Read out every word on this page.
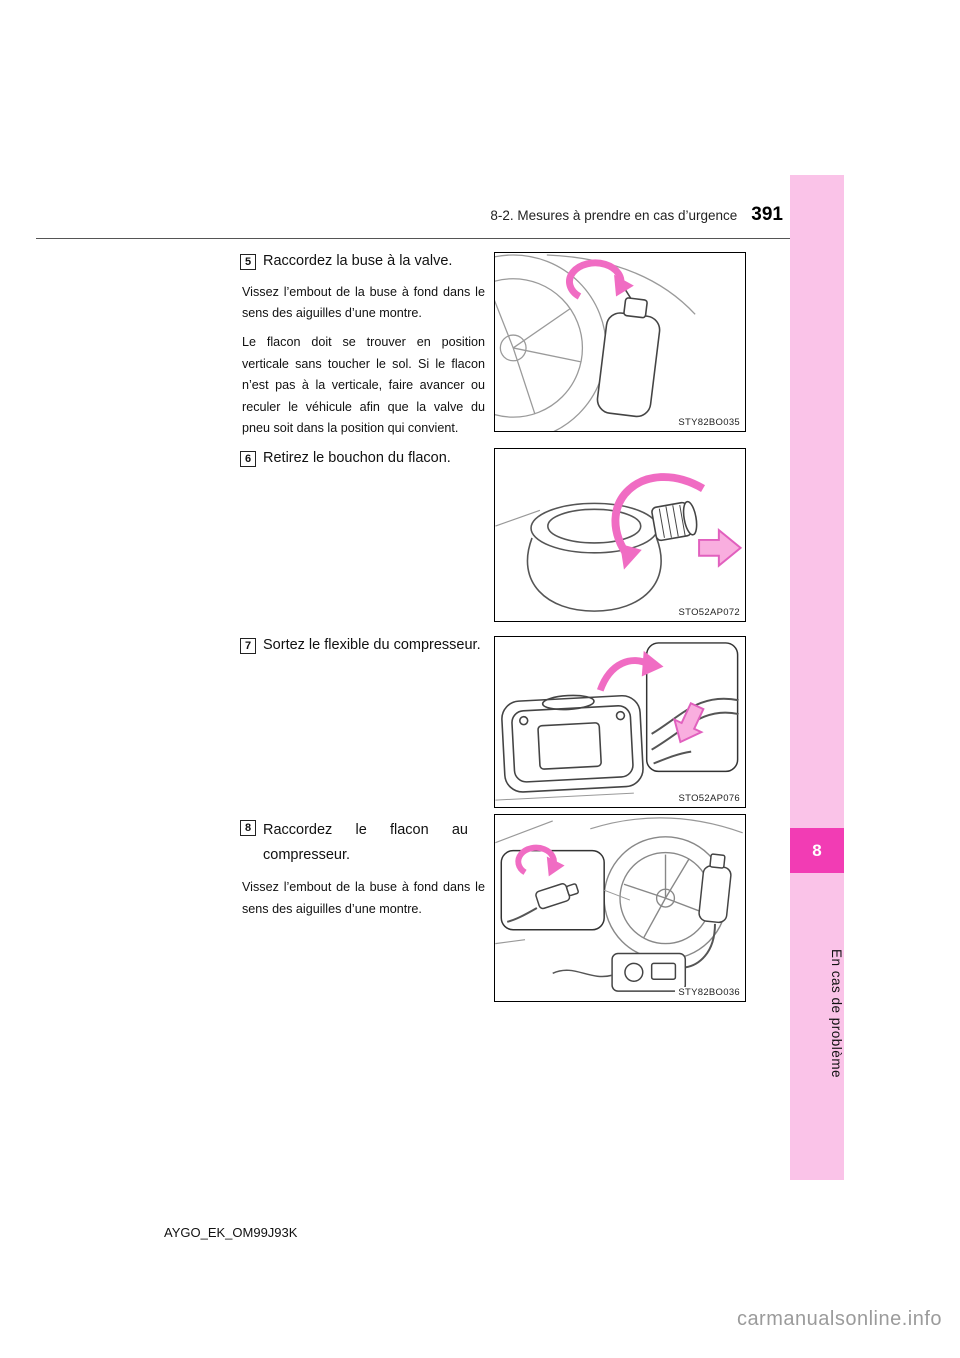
8
En cas de problème
8-2. Mesures à prendre en cas d’urgence 391
5 Raccordez la buse à la valve.

Vissez l’embout de la buse à fond dans le sens des aiguilles d’une montre.

Le flacon doit se trouver en position verticale sans toucher le sol. Si le flacon n’est pas à la verticale, faire avancer ou reculer le véhicule afin que la valve du pneu soit dans la position qui convient.	STY82BO035
6 Retirez le bouchon du flacon.
STO52AP072
7 Sortez le flexible du compresseur.
STO52AP076
8 Raccordez le flacon au compresseur.

Vissez l’embout de la buse à fond dans le sens des aiguilles d’une montre.

STY82BO036
AYGO_EK_OM99J93K
carmanualsonline.info
